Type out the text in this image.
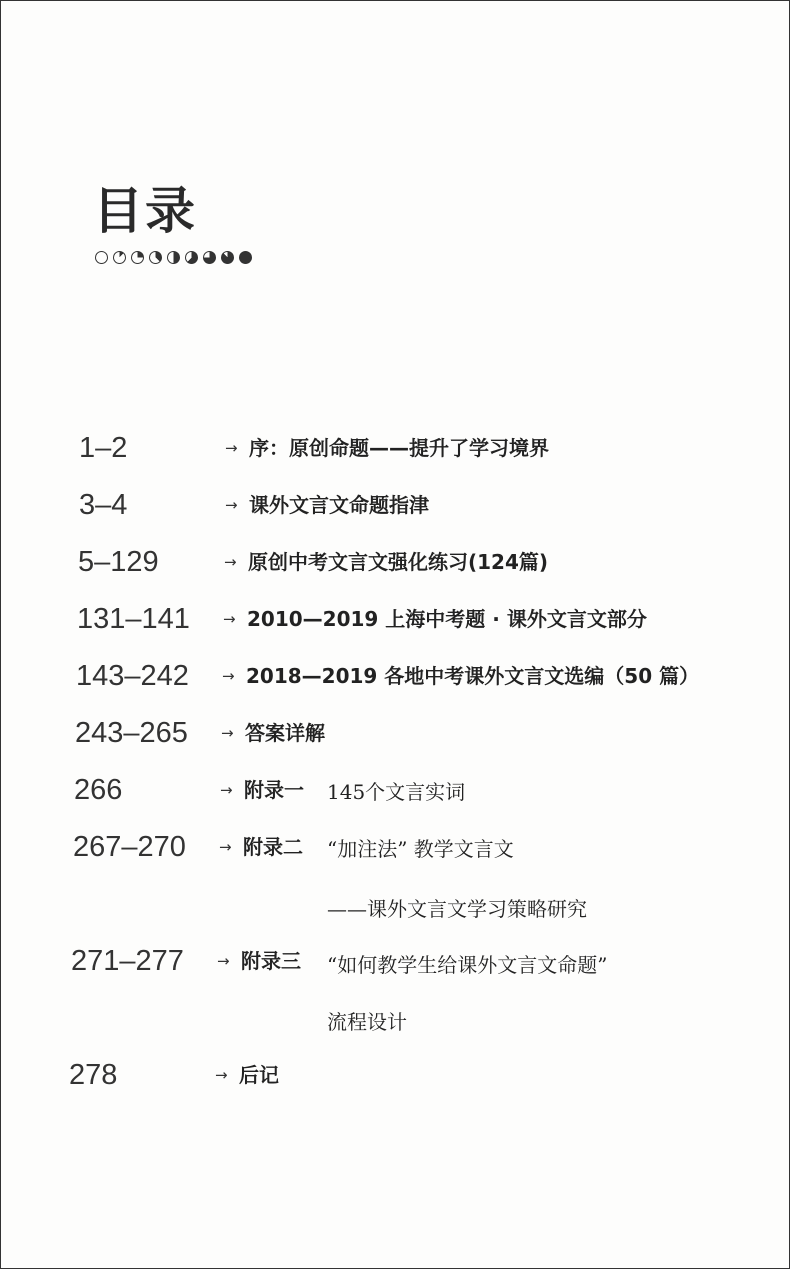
目录
1–2	→ 序：原创命题——提升了学习境界
3–4	→ 课外文言文命题指津
5–129	→ 原创中考文言文强化练习(124篇)
131–141 → 2010—2019 上海中考题 · 课外文言文部分
143–242 → 2018—2019 各地中考课外文言文选编（50 篇）
243–265 → 答案详解
266	→ 附录一 145个文言实词
267–270 → 附录二 “加注法” 教学文言文
——课外文言文学习策略研究
271–277 → 附录三 “如何教学生给课外文言文命题”
流程设计
278	→ 后记
